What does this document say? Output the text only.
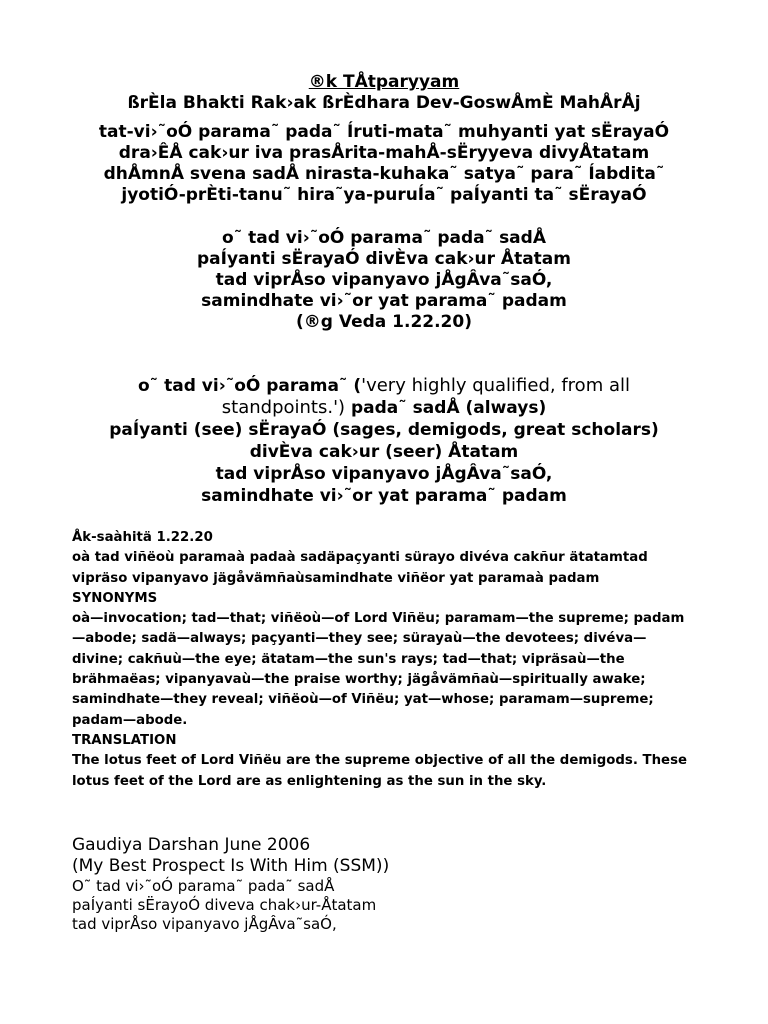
®k TÅtparyyam
ßrÈla Bhakti Rak›ak ßrÈdhara Dev-GoswÅmÈ MahÅrÅj
tat-vi›˜oÓ parama˜ pada˜ Íruti-mata˜ muhyanti yat sËrayaÓ
dra›ÊÅ cak›ur iva prasÅrita-mahÅ-sËryyeva divyÅtatam
dhÅmnÅ svena sadÅ nirasta-kuhaka˜ satya˜ para˜ Íabdita˜
jyotiÓ-prÈti-tanu˜ hira˜ya-puruÍa˜ paÍyanti ta˜ sËrayaÓ
o˜ tad vi›˜oÓ parama˜ pada˜ sadÅ
paÍyanti sËrayaÓ divÈva cak›ur Åtatam
tad viprÅso vipanyavo jÅgÂva˜saÓ,
samindhate vi›˜or yat parama˜ padam
(®g Veda 1.22.20)
o˜ tad vi›˜oÓ parama˜ ('very highly qualified, from all
standpoints.') pada˜ sadÅ (always)
paÍyanti (see) sËrayaÓ (sages, demigods, great scholars)
divÈva cak›ur (seer) Åtatam
tad viprÅso vipanyavo jÅgÂva˜saÓ,
samindhate vi›˜or yat parama˜ padam
Åk-saàhitä 1.22.20
oà tad viñëoù paramaà padaà sadäpaçyanti sürayo divéva cakñur ätatamtad vipräso vipanyavo jägåvämñaùsamindhate viñëor yat paramaà padam
SYNONYMS
oà—invocation; tad—that; viñëoù—of Lord Viñëu; paramam—the supreme; padam—abode; sadä—always; paçyanti—they see; sürayaù—the devotees; divéva—divine; cakñuù—the eye; ätatam—the sun's rays; tad—that; vipräsaù—the brähmaëas; vipanyavaù—the praise worthy; jägåvämñaù—spiritually awake; samindhate—they reveal; viñëoù—of Viñëu; yat—whose; paramam—supreme; padam—abode.
TRANSLATION
The lotus feet of Lord Viñëu are the supreme objective of all the demigods. These lotus feet of the Lord are as enlightening as the sun in the sky.
Gaudiya Darshan June 2006
(My Best Prospect Is With Him (SSM))
O˜ tad vi›˜oÓ parama˜ pada˜ sadÅ
paÍyanti sËrayoÓ diveva chak›ur-Åtatam
tad viprÅso vipanyavo jÅgÂva˜saÓ,
